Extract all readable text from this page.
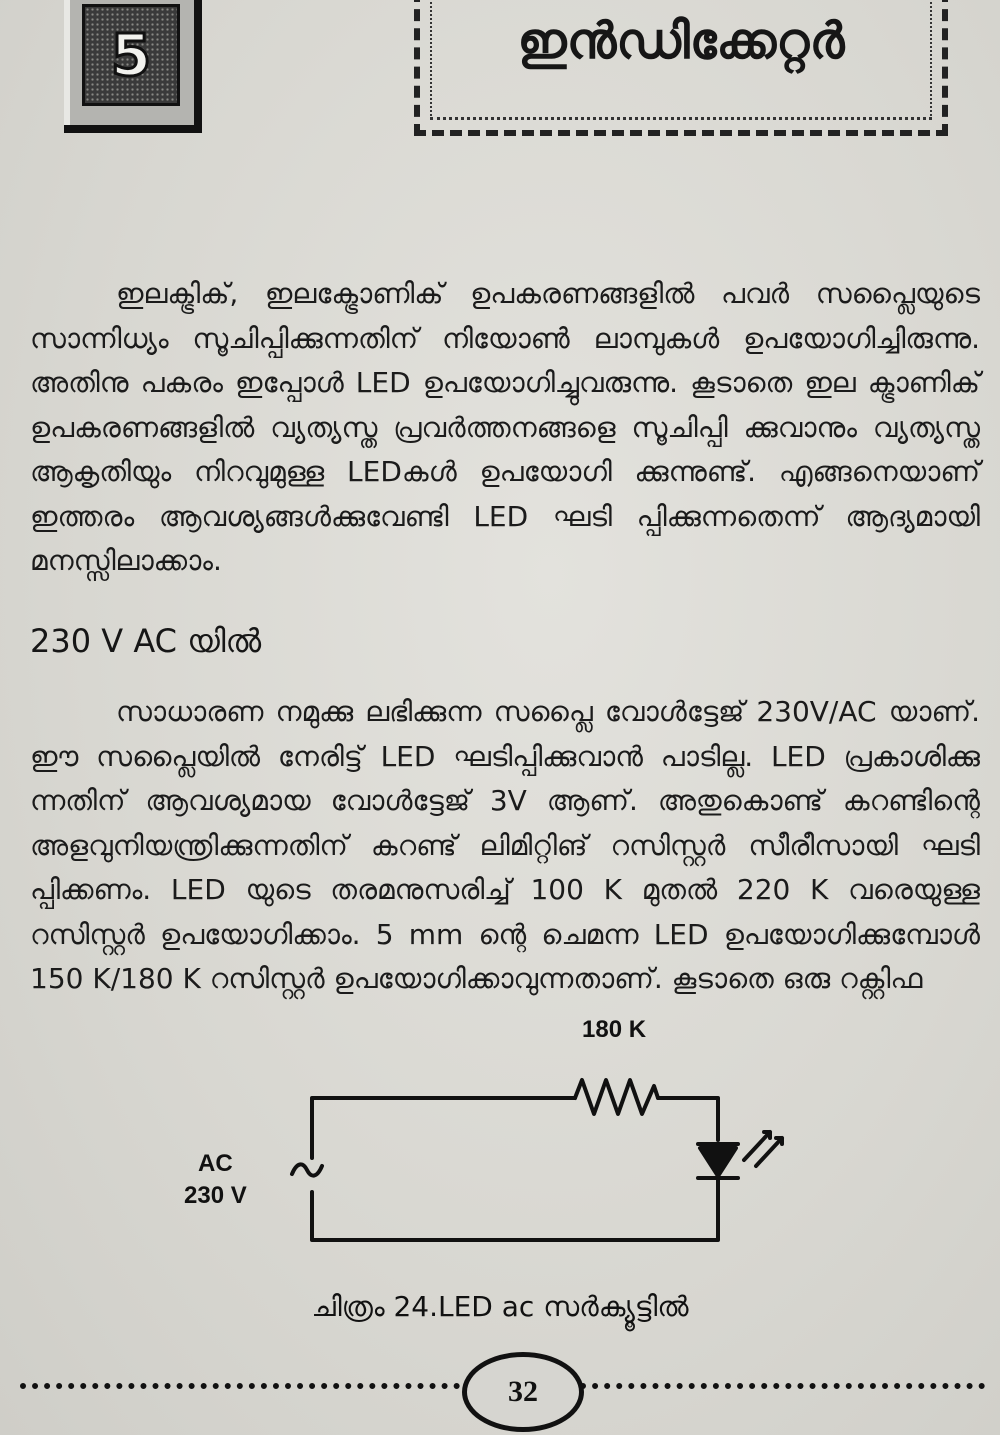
5	ഇൻഡിക്കേറ്റർ
ഇലക്ട്രിക്, ഇലക്ട്രോണിക് ഉപകരണങ്ങളിൽ പവർ സപ്ലൈയുടെ സാന്നിധ്യം സൂചിപ്പിക്കുന്നതിന് നിയോൺ ലാമ്പുകൾ ഉപയോഗിച്ചിരുന്നു. അതിനു പകരം ഇപ്പോൾ LED ഉപയോഗിച്ചുവരുന്നു. കൂടാതെ ഇല ക്ട്രാണിക് ഉപകരണങ്ങളിൽ വ്യത്യസ്ത പ്രവർത്തനങ്ങളെ സൂചിപ്പി ക്കുവാനും വ്യത്യസ്ത ആകൃതിയും നിറവുമുള്ള LEDകൾ ഉപയോഗി ക്കുന്നുണ്ട്. എങ്ങനെയാണ് ഇത്തരം ആവശ്യങ്ങൾക്കുവേണ്ടി LED ഘടി പ്പിക്കുന്നതെന്ന് ആദ്യമായി മനസ്സിലാക്കാം.
230 V AC യിൽ
സാധാരണ നമുക്കു ലഭിക്കുന്ന സപ്ലൈ വോൾട്ടേജ് 230V/AC യാണ്. ഈ സപ്ലൈയിൽ നേരിട്ട് LED ഘടിപ്പിക്കുവാൻ പാടില്ല. LED പ്രകാശിക്കു ന്നതിന് ആവശ്യമായ വോൾട്ടേജ് 3V ആണ്. അതുകൊണ്ട് കറണ്ടിന്റെ അളവുനിയന്ത്രിക്കുന്നതിന് കറണ്ട് ലിമിറ്റിങ് റസിസ്റ്റർ സീരീസായി ഘടി പ്പിക്കണം. LED യുടെ തരമനുസരിച്ച് 100 K മുതൽ 220 K വരെയുള്ള റസിസ്റ്റർ ഉപയോഗിക്കാം. 5 mm ന്റെ ചെമന്ന LED ഉപയോഗിക്കുമ്പോൾ 150 K/180 K റസിസ്റ്റർ ഉപയോഗിക്കാവുന്നതാണ്. കൂടാതെ ഒരു റക്റ്റിഫ
180 K
AC
230 V
ചിത്രം 24.LED ac സർക്യൂട്ടിൽ
32
